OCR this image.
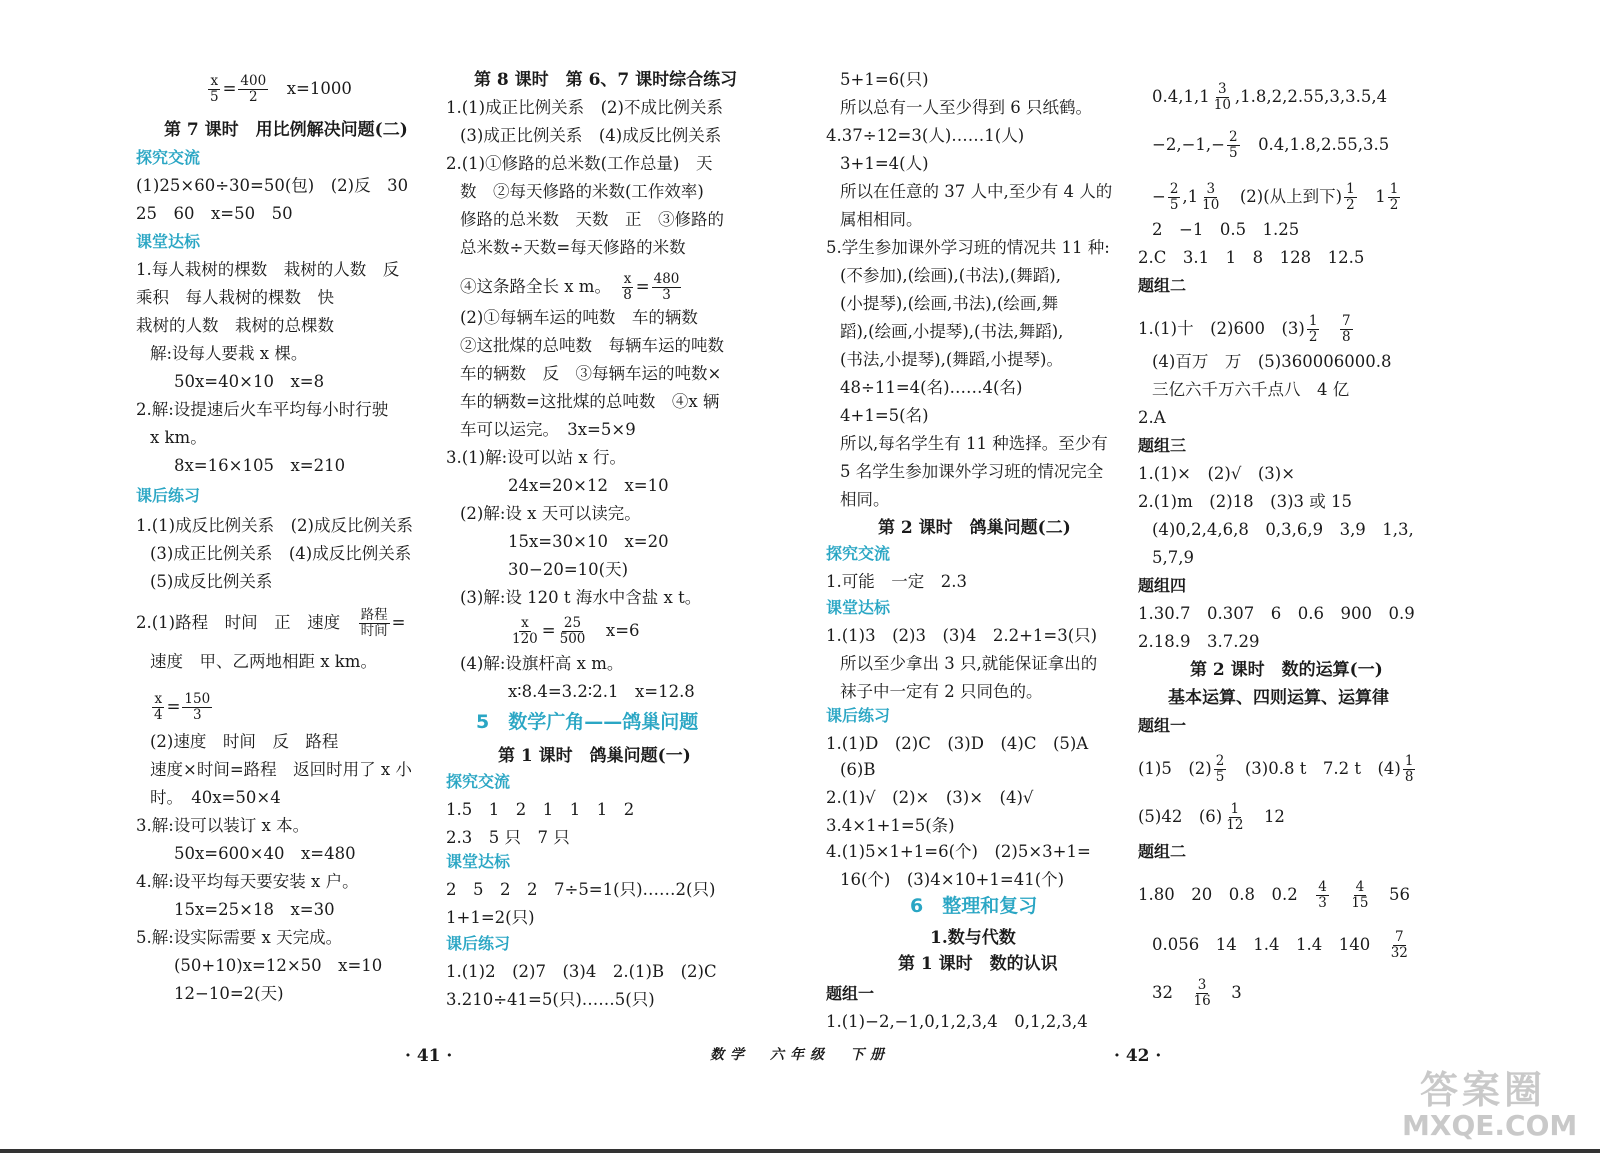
$\frac{x}{5} = \frac{400}{2}$ 　x=1000
第 7 课时　用比例解决问题(二)
探究交流
(1)25×60÷30=50(包)　(2)反　30
25　60　x=50　50
课堂达标
1.每人栽树的棵数　栽树的人数　反
乘积　每人栽树的棵数　快
栽树的人数　栽树的总棵数
解:设每人要栽 x 棵。
50x=40×10　x=8
2.解:设提速后火车平均每小时行驶
x km。
8x=16×105　x=210
课后练习
1.(1)成反比例关系　(2)成反比例关系
(3)成正比例关系　(4)成反比例关系
(5)成反比例关系
2.(1)路程　时间　正　速度　 $\frac{\text{路程}}{\text{时间}}$ =
速度　甲、乙两地相距 x km。
$\frac{x}{4} = \frac{150}{3}$
(2)速度　时间　反　路程
速度×时间=路程　返回时用了 x 小
时。　40x=50×4
3.解:设可以装订 x 本。
50x=600×40　x=480
4.解:设平均每天要安装 x 户。
15x=25×18　x=30
5.解:设实际需要 x 天完成。
(50+10)x=12×50　x=10
12−10=2(天)
第 8 课时　第 6、7 课时综合练习
1.(1)成正比例关系　(2)不成比例关系
(3)成正比例关系　(4)成反比例关系
2.(1)①修路的总米数(工作总量)　天
数　②每天修路的米数(工作效率)
修路的总米数　天数　正　③修路的
总米数÷天数=每天修路的米数
④这条路全长 x m。　 $\frac{x}{8} = \frac{480}{3}$
(2)①每辆车运的吨数　车的辆数
②这批煤的总吨数　每辆车运的吨数
车的辆数　反　③每辆车运的吨数×
车的辆数=这批煤的总吨数　④x 辆
车可以运完。　3x=5×9
3.(1)解:设可以站 x 行。
24x=20×12　x=10
(2)解:设 x 天可以读完。
15x=30×10　x=20
30−20=10(天)
(3)解:设 120 t 海水中含盐 x t。
$\frac{x}{120} = \frac{25}{500}$ 　x=6
(4)解:设旗杆高 x m。
x∶8.4=3.2∶2.1　x=12.8
5　数学广角——鸽巢问题
第 1 课时　鸽巢问题(一)
探究交流
1.5　1　2　1　1　1　2
2.3　5 只　7 只
课堂达标
2　5　2　2　7÷5=1(只)……2(只)
1+1=2(只)
课后练习
1.(1)2　(2)7　(3)4　2.(1)B　(2)C
3.210÷41=5(只)……5(只)
5+1=6(只)
所以总有一人至少得到 6 只纸鹤。
4.37÷12=3(人)……1(人)
3+1=4(人)
所以在任意的 37 人中,至少有 4 人的
属相相同。
5.学生参加课外学习班的情况共 11 种:
(不参加),(绘画),(书法),(舞蹈),
(小提琴),(绘画,书法),(绘画,舞
蹈),(绘画,小提琴),(书法,舞蹈),
(书法,小提琴),(舞蹈,小提琴)。
48÷11=4(名)……4(名)
4+1=5(名)
所以,每名学生有 11 种选择。至少有
5 名学生参加课外学习班的情况完全
相同。
第 2 课时　鸽巢问题(二)
探究交流
1.可能　一定　2.3
课堂达标
1.(1)3　(2)3　(3)4　2.2+1=3(只)
所以至少拿出 3 只,就能保证拿出的
袜子中一定有 2 只同色的。
课后练习
1.(1)D　(2)C　(3)D　(4)C　(5)A
(6)B
2.(1)√　(2)×　(3)×　(4)√
3.4×1+1=5(条)
4.(1)5×1+1=6(个)　(2)5×3+1=
16(个)　(3)4×10+1=41(个)
6　整理和复习
1.数与代数
第 1 课时　数的认识
题组一
1.(1)−2,−1,0,1,2,3,4　0,1,2,3,4
$0.4,1,1 \frac{3}{10} ,1.8,2,2.55,3,3.5,4$
$-2,-1,- \frac{2}{5}$ 　0.4,1.8,2.55,3.5
− $\frac{2}{5} ,1 \frac{3}{10}$ 　(2)(从上到下) $\frac{1}{2}$ 　$1 \frac{1}{2}$
2　−1　0.5　1.25
2.C　3.1　1　8　128　12.5
题组二
1.(1)十　(2)600　$(3) \frac{1}{2}$
　 $\frac{7}{8}$
(4)百万　万　(5)360006000.8
三亿六千万六千点八　4 亿
2.A
题组三
1.(1)×　(2)√　(3)×
2.(1)m　(2)18　(3)3 或 15
(4)0,2,4,6,8　0,3,6,9　3,9　1,3,
5,7,9
题组四
1.30.7　0.307　6　0.6　900　0.9
2.18.9　3.7.29
第 2 课时　数的运算(一)
基本运算、四则运算、运算律
题组一
(1)5　$(2) \frac{2}{5}$ 　(3)0.8 t　7.2 t　$(4) \frac{1}{8}$
(5)42　$(6) \frac{1}{12}$ 　12
题组二
1.80　20　0.8　0.2　 $\frac{4}{3}$
　 $\frac{4}{15}$ 　56
0.056　14　1.4　1.4　140　 $\frac{7}{32}$
32　 $\frac{3}{16}$ 　3
· 41 ·	数学　六年级　下册	· 42 ·
答案圈
MXQE.COM
